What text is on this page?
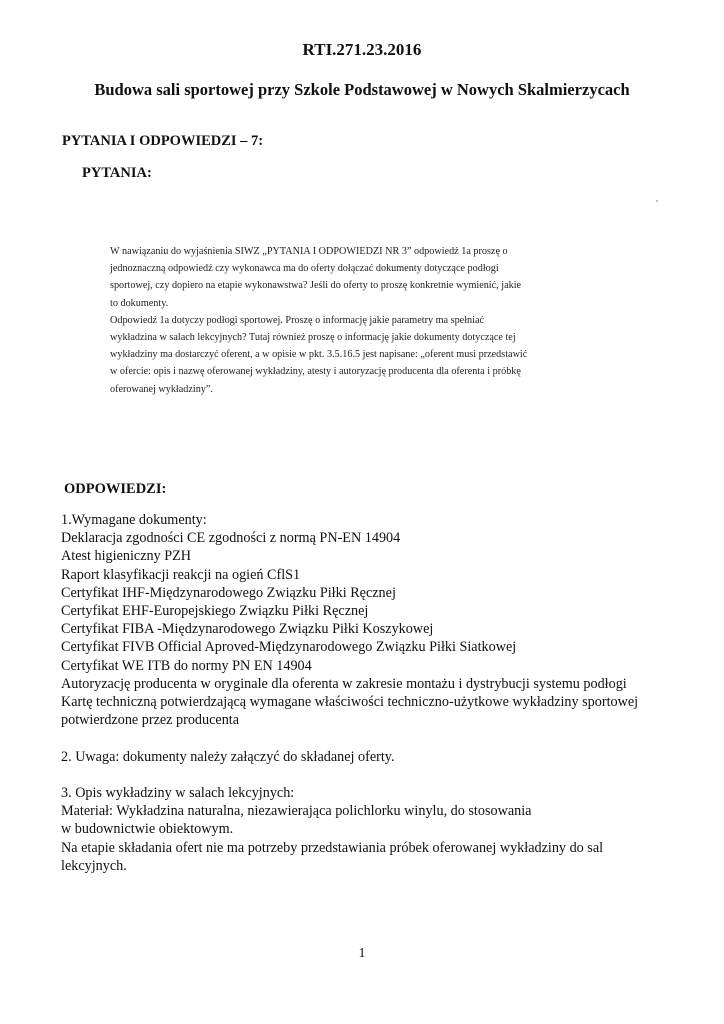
RTI.271.23.2016
Budowa sali sportowej przy Szkole Podstawowej w Nowych Skalmierzycach
PYTANIA I ODPOWIEDZI – 7:
PYTANIA:

W nawiązaniu do wyjaśnienia SIWZ „PYTANIA I ODPOWIEDZI NR 3” odpowiedź 1a proszę o

jednoznaczną odpowiedź czy wykonawca ma do oferty dołączać dokumenty dotyczące podłogi

sportowej, czy dopiero na etapie wykonawstwa? Jeśli do oferty to proszę konkretnie wymienić, jakie

to dokumenty.

Odpowiedź 1a dotyczy podłogi sportowej. Proszę o informację jakie parametry ma spełniać

wykładzina w salach lekcyjnych? Tutaj również proszę o informację jakie dokumenty dotyczące tej

wykładziny ma dostarczyć oferent, a w opisie w pkt. 3.5.16.5 jest napisane: „oferent musi przedstawić

w ofercie: opis i nazwę oferowanej wykładziny, atesty i autoryzację producenta dla oferenta i próbkę

oferowanej wykładziny”.

ODPOWIEDZI:
1.Wymagane dokumenty:
Deklaracja zgodności CE zgodności z normą PN-EN 14904
Atest higieniczny PZH
Raport klasyfikacji reakcji na ogień CflS1
Certyfikat IHF-Międzynarodowego Związku Piłki Ręcznej
Certyfikat EHF-Europejskiego Związku Piłki Ręcznej
Certyfikat FIBA -Międzynarodowego Związku Piłki Koszykowej
Certyfikat FIVB Official Aproved-Międzynarodowego Związku Piłki Siatkowej
Certyfikat WE ITB do normy PN EN 14904
Autoryzację producenta w oryginale dla oferenta w zakresie montażu i dystrybucji systemu podłogi
Kartę techniczną potwierdzającą wymagane właściwości techniczno-użytkowe wykładziny sportowej
potwierdzone przez producenta
2. Uwaga: dokumenty należy załączyć do składanej oferty.
3. Opis wykładziny w salach lekcyjnych:
Materiał: Wykładzina naturalna, niezawierająca polichlorku winylu, do stosowania
w budownictwie obiektowym.
Na etapie składania ofert nie ma potrzeby przedstawiania próbek oferowanej wykładziny do sal
lekcyjnych.
1
